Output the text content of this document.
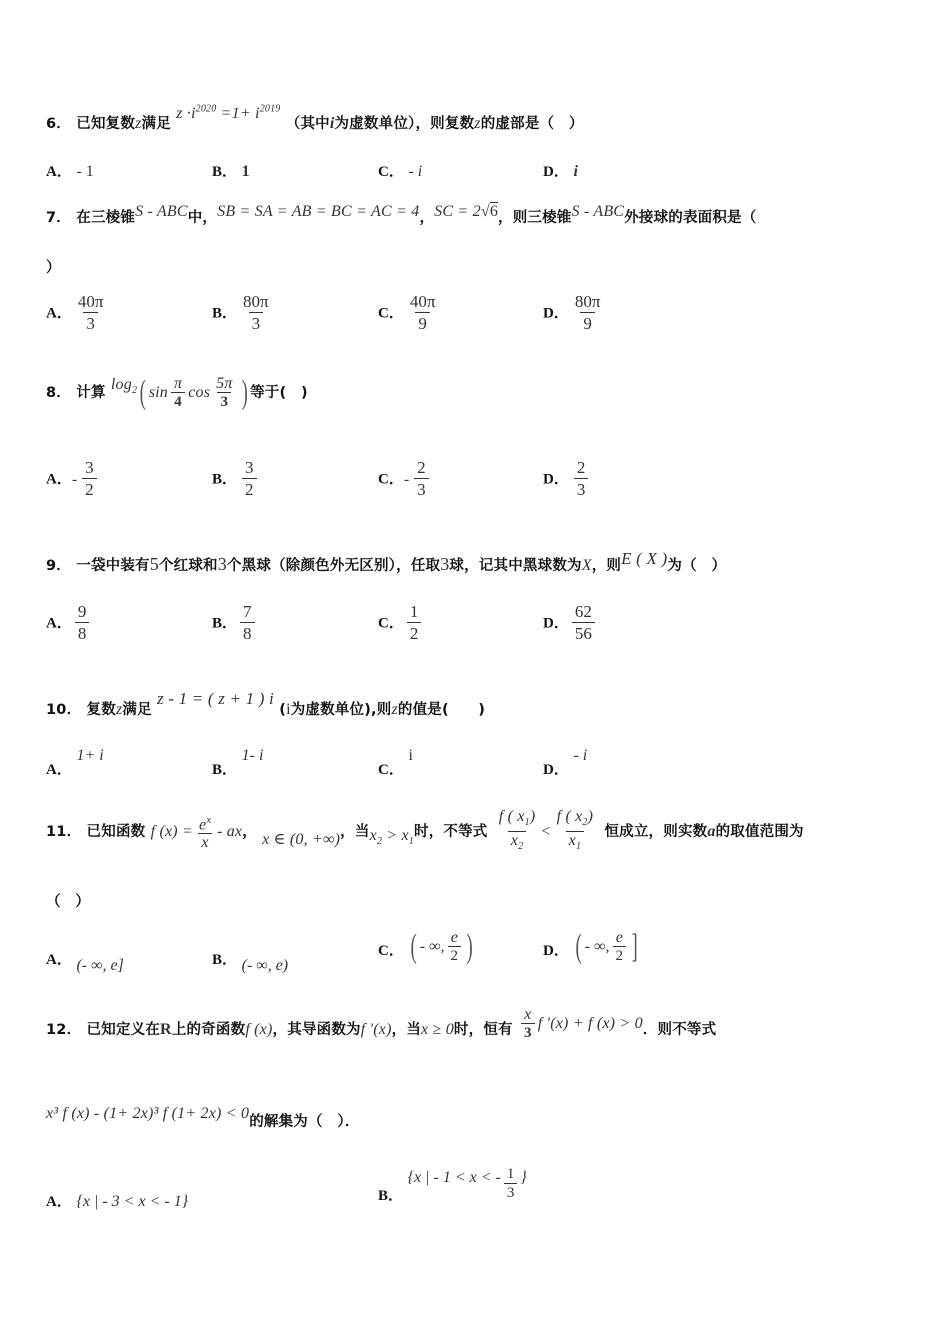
6． 已知复数z满足 $z \cdot i^{2020} =1+ i^{2019}$ （其中i为虚数单位），则复数z的虚部是（　）
A． - 1	B． 1	C． - i	D． i
7． 在三棱锥S - ABC中，SB = SA = AB = BC = AC = 4，SC = 2√6，则三棱锥S - ABC外接球的表面积是（
）
A． $\frac{40\pi}{3}$	B． $\frac{80\pi}{3}$	C． $\frac{40\pi}{9}$	D． $\frac{80\pi}{9}$
8． 计算 $\log_2$( $\sin \frac{\pi}{4}$ $\cos \frac{5\pi}{3}$ ) 等于(　)
A．- $\frac{3}{2}$	B． $\frac{3}{2}$	C．- $\frac{2}{3}$	D． $\frac{2}{3}$
9． 一袋中装有5个红球和3个黑球（除颜色外无区别），任取3球，记其中黑球数为X，则E ( X )为（　）
A． $\frac{9}{8}$	B． $\frac{7}{8}$	C． $\frac{1}{2}$	D． $\frac{62}{56}$
10． 复数z满足 z - 1 = ( z + 1 ) i (i为虚数单位),则z的值是(　　)
A． 1+ i
B． 1- i
C． i
D． - i
11． 已知函数 f $(x) = \frac{e^x}{x}$ - ax， x ∈ (0, +∞)，当$x_2 > x_1$时，不等式 $\frac{f ( x_1)}{x_2} < \frac{f ( x_2)}{x_1}$ 恒成立，则实数a的取值范围为
（　）
A． (- ∞, e]	B． (- ∞, e)
C． ( - ∞, $\frac{e}{2}$ )	D． ( - ∞, $\frac{e}{2}$ ]
12． 已知定义在R上的奇函数f (x)，其导函数为f ′(x)，当x ≥ 0时，恒有 $\frac{x}{3}$ f ′(x) + f (x) > 0．则不等式
x³ f (x) - (1+ 2x)³ f (1+ 2x) < 0的解集为（　）．
A． {x | - 3 < x < - 1}	B． {x | - 1 < x < - $\frac{1}{3}$ }
